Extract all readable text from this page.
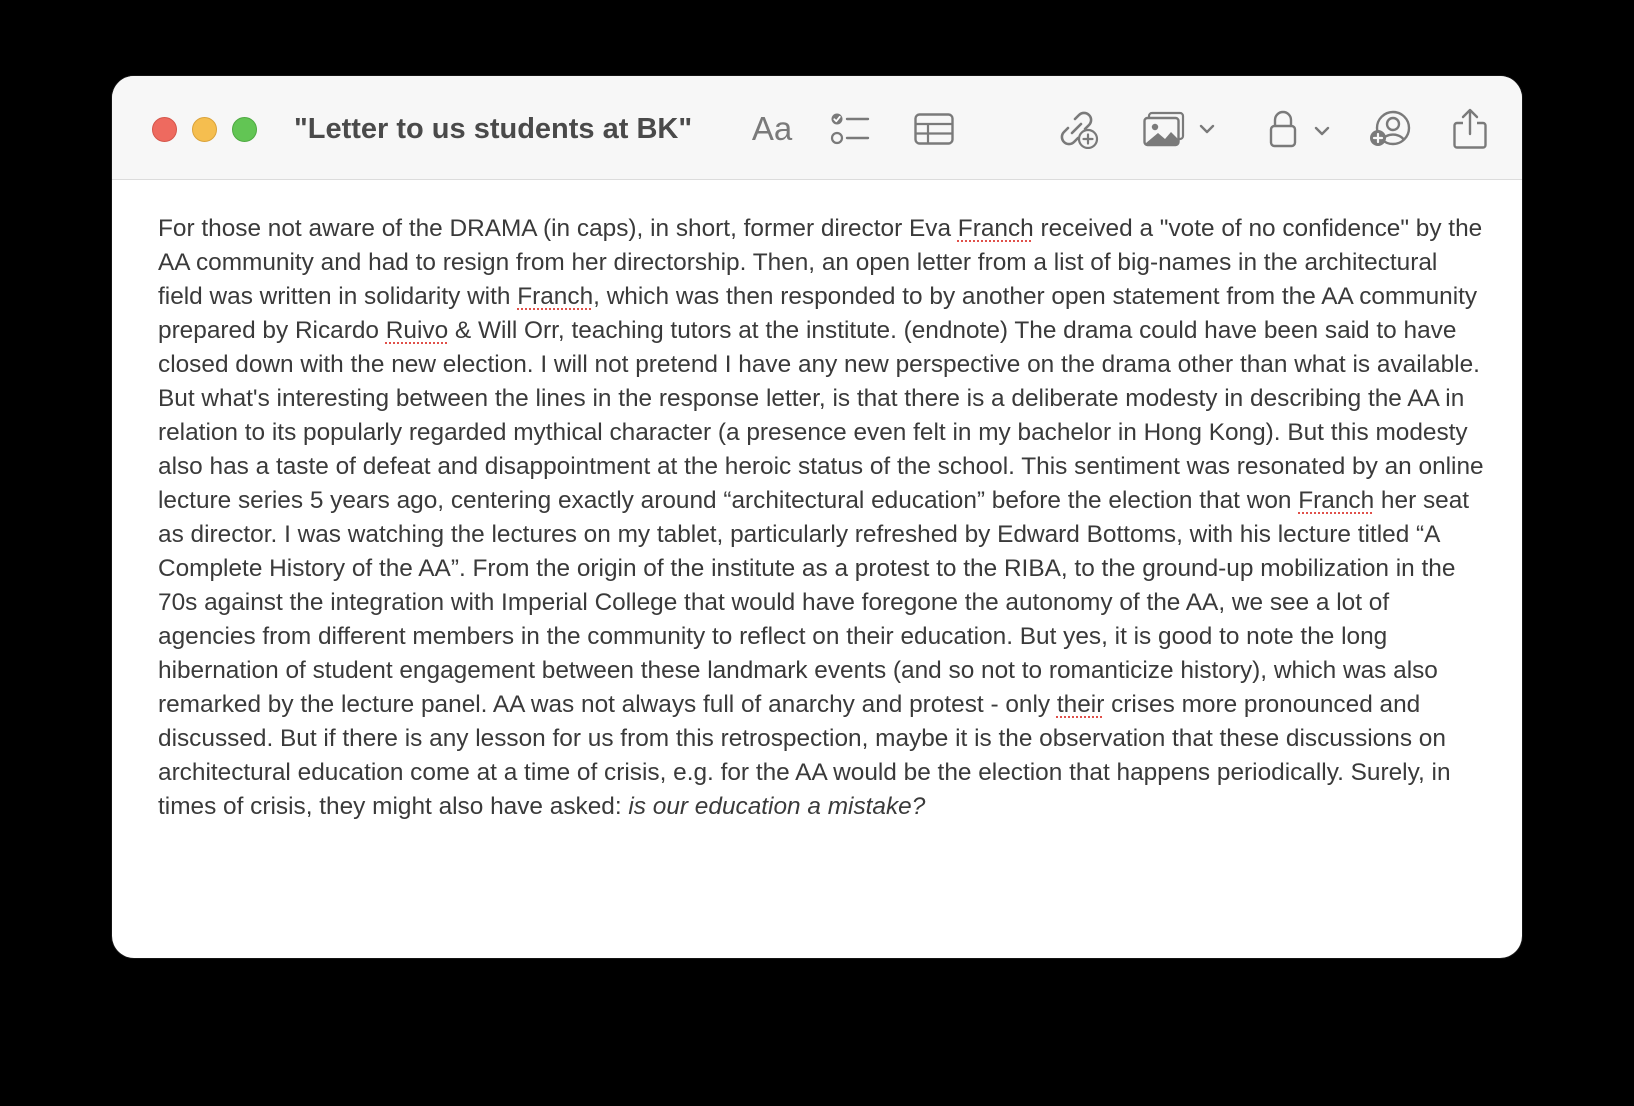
"Letter to us students at BK" Aa

For those not aware of the DRAMA (in caps), in short, former director Eva Franch received a "vote of no confidence" by the AA community and had to resign from her directorship. Then, an open letter from a list of big-names in the architectural field was written in solidarity with Franch, which was then responded to by another open statement from the AA community prepared by Ricardo Ruivo & Will Orr, teaching tutors at the institute. (endnote) The drama could have been said to have closed down with the new election. I will not pretend I have any new perspective on the drama other than what is available. But what's interesting between the lines in the response letter, is that there is a deliberate modesty in describing the AA in relation to its popularly regarded mythical character (a presence even felt in my bachelor in Hong Kong). But this modesty also has a taste of defeat and disappointment at the heroic status of the school. This sentiment was resonated by an online lecture series 5 years ago, centering exactly around “architectural education” before the election that won Franch her seat as director. I was watching the lectures on my tablet, particularly refreshed by Edward Bottoms, with his lecture titled “A Complete History of the AA”. From the origin of the institute as a protest to the RIBA, to the ground-up mobilization in the 70s against the integration with Imperial College that would have foregone the autonomy of the AA, we see a lot of agencies from different members in the community to reflect on their education. But yes, it is good to note the long hibernation of student engagement between these landmark events (and so not to romanticize history), which was also remarked by the lecture panel. AA was not always full of anarchy and protest - only their crises more pronounced and discussed. But if there is any lesson for us from this retrospection, maybe it is the observation that these discussions on architectural education come at a time of crisis, e.g. for the AA would be the election that happens periodically. Surely, in times of crisis, they might also have asked: is our education a mistake?
